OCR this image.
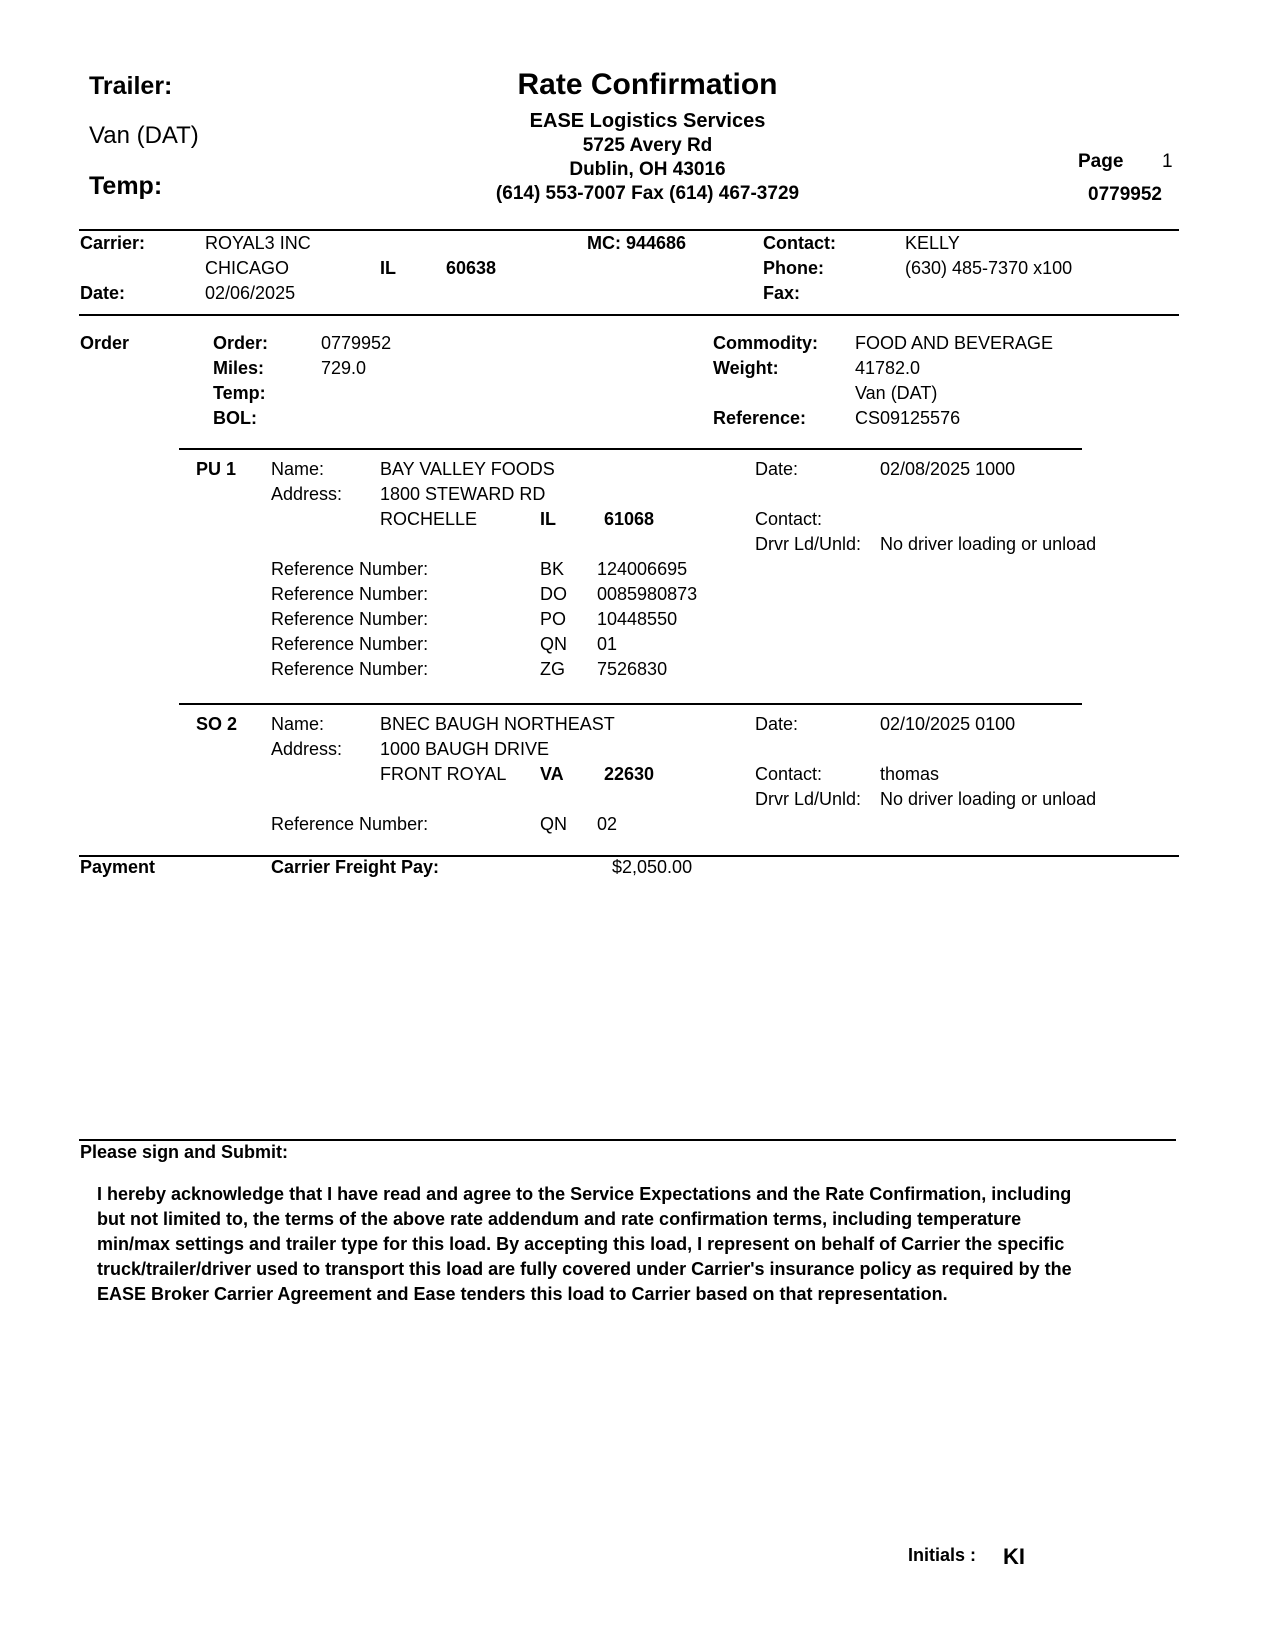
Trailer:
Van (DAT)
Temp:
Rate Confirmation
EASE Logistics Services
5725 Avery Rd
Dublin, OH 43016
(614) 553-7007 Fax (614) 467-3729
Page 1
0779952
Carrier:	ROYAL3 INC	MC: 944686	Contact:	KELLY
CHICAGO	IL	60638	Phone:	(630) 485-7370 x100
Date:	02/06/2025	Fax:
Order	Order:	0779952
Miles:	729.0
Temp:
BOL:
Commodity: FOOD AND BEVERAGE
Weight:	41782.0
Van (DAT)
Reference:	CS09125576
PU 1 Name:	BAY VALLEY FOODS	Date:	02/08/2025 1000
Address: 1800 STEWARD RD
ROCHELLE	IL	61068	Contact:
Drvr Ld/Unld: No driver loading or unload
Reference Number:	BK 124006695
Reference Number:	DO 0085980873
Reference Number:	PO 10448550
Reference Number:	QN 01
Reference Number:	ZG 7526830
SO 2 Name:	BNEC BAUGH NORTHEAST	Date:	02/10/2025 0100
Address: 1000 BAUGH DRIVE
FRONT ROYAL VA 22630	Contact:	thomas
Drvr Ld/Unld: No driver loading or unload
Reference Number:	QN 02
Payment	Carrier Freight Pay:	$2,050.00
Please sign and Submit:
I hereby acknowledge that I have read and agree to the Service Expectations and the Rate Confirmation, including
but not limited to, the terms of the above rate addendum and rate confirmation terms, including temperature
min/max settings and trailer type for this load. By accepting this load, I represent on behalf of Carrier the specific
truck/trailer/driver used to transport this load are fully covered under Carrier's insurance policy as required by the
EASE Broker Carrier Agreement and Ease tenders this load to Carrier based on that representation.
Initials : KI
